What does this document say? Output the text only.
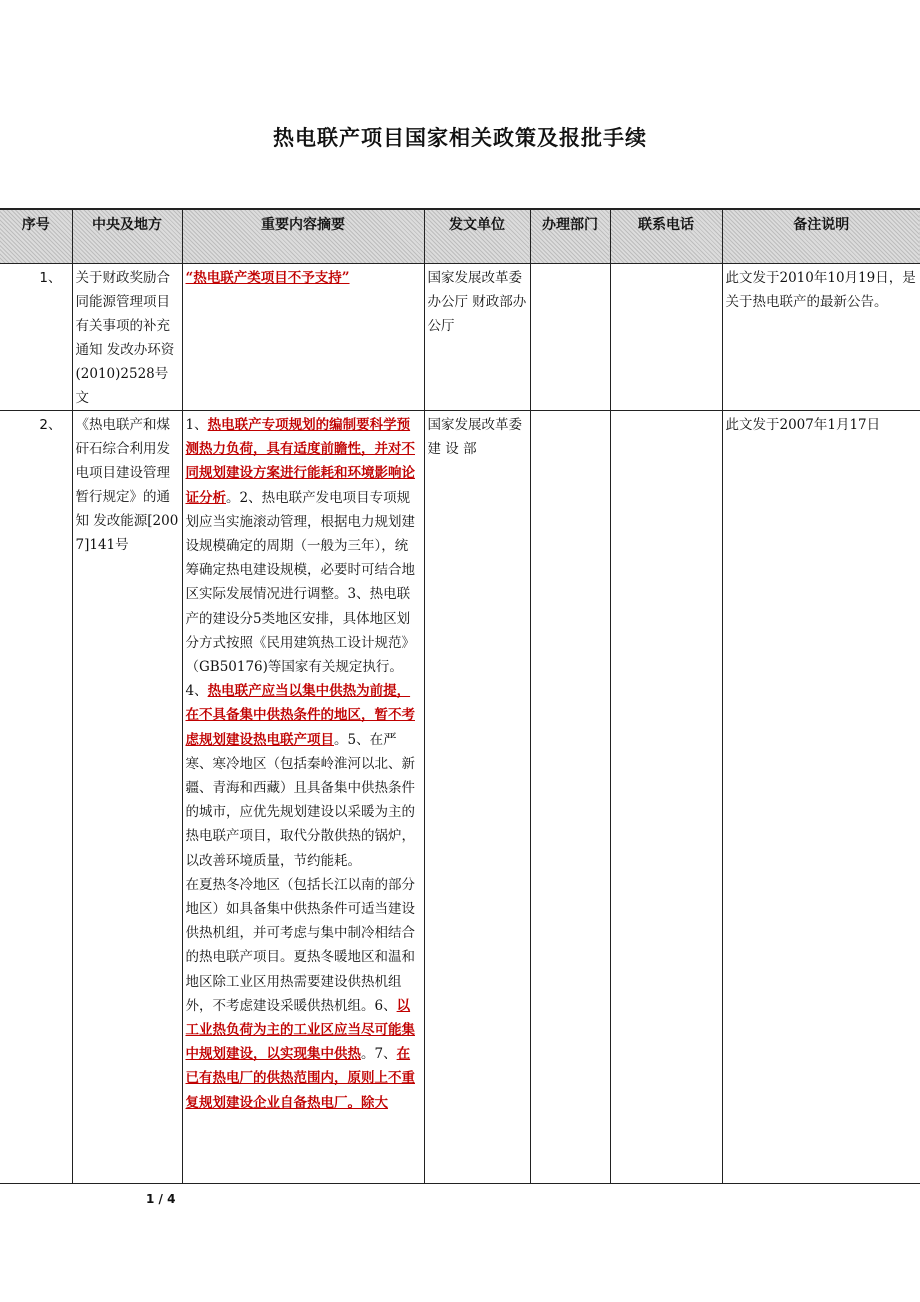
热电联产项目国家相关政策及报批手续
序号	中央及地方	重要内容摘要	发文单位	办理部门	联系电话	备注说明
1、	关于财政奖励合同能源管理项目有关事项的补充通知 发改办环资(2010)2528号文	“热电联产类项目不予支持”	国家发展改革委办公厅 财政部办公厅			此文发于2010年10月19日，是关于热电联产的最新公告。
2、	《热电联产和煤矸石综合利用发电项目建设管理暂行规定》的通知 发改能源[2007]141号	1、热电联产专项规划的编制要科学预测热力负荷，具有适度前瞻性，并对不同规划建设方案进行能耗和环境影响论证分析。2、热电联产发电项目专项规划应当实施滚动管理，根据电力规划建设规模确定的周期（一般为三年），统筹确定热电建设规模，必要时可结合地区实际发展情况进行调整。3、热电联产的建设分5类地区安排，具体地区划分方式按照《民用建筑热工设计规范》（GB50176)等国家有关规定执行。4、热电联产应当以集中供热为前提，在不具备集中供热条件的地区，暂不考虑规划建设热电联产项目。5、在严寒、寒冷地区（包括秦岭淮河以北、新疆、青海和西藏）且具备集中供热条件的城市，应优先规划建设以采暖为主的热电联产项目，取代分散供热的锅炉，以改善环境质量，节约能耗。
在夏热冬冷地区（包括长江以南的部分地区）如具备集中供热条件可适当建设供热机组，并可考虑与集中制冷相结合的热电联产项目。夏热冬暖地区和温和地区除工业区用热需要建设供热机组外，不考虑建设采暖供热机组。6、以工业热负荷为主的工业区应当尽可能集中规划建设，以实现集中供热。7、在已有热电厂的供热范围内，原则上不重复规划建设企业自备热电厂。除大	国家发展改革委建 设 部			此文发于2007年1月17日
1 / 4
